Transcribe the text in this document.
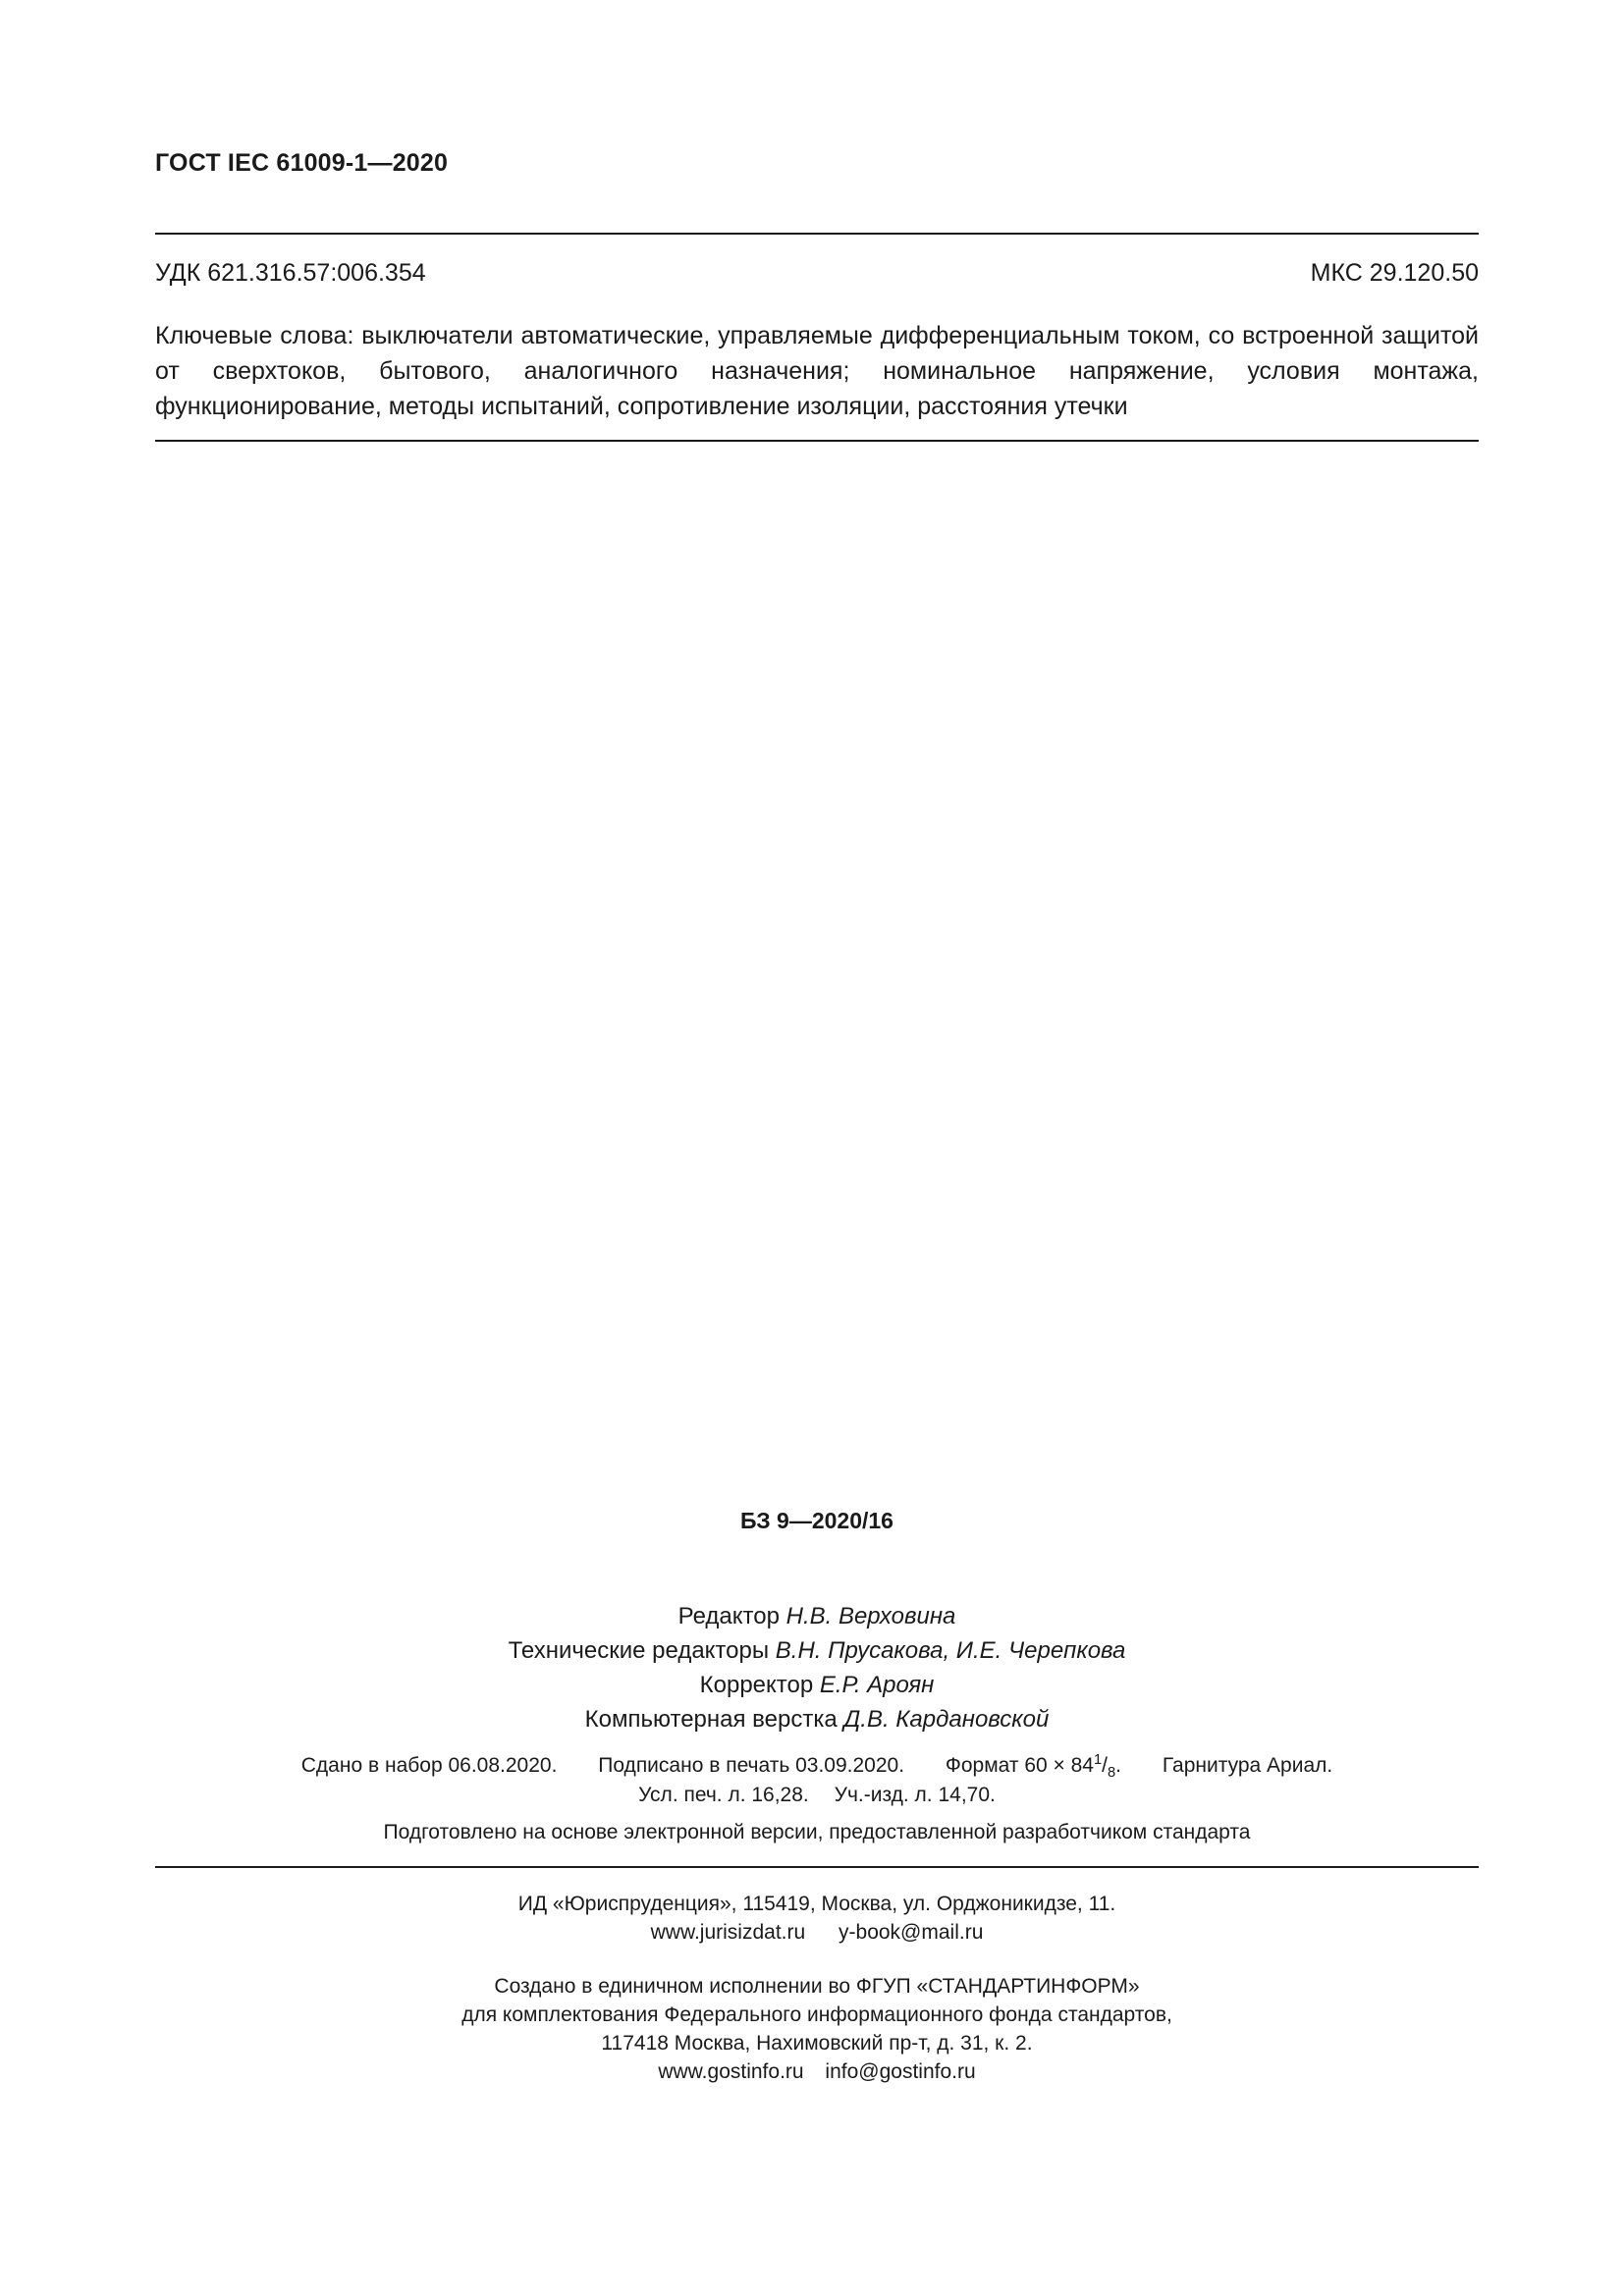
ГОСТ IEC 61009-1—2020
УДК 621.316.57:006.354	МКС 29.120.50
Ключевые слова: выключатели автоматические, управляемые дифференциальным током, со встроенной защитой от сверхтоков, бытового, аналогичного назначения; номинальное напряжение, условия монтажа, функционирование, методы испытаний, сопротивление изоляции, расстояния утечки
БЗ 9—2020/16
Редактор Н.В. Верховина
Технические редакторы В.Н. Прусакова, И.Е. Черепкова
Корректор Е.Р. Ароян
Компьютерная верстка Д.В. Кардановской
Сдано в набор 06.08.2020. Подписано в печать 03.09.2020. Формат $60 \times 84^1/_8$. Гарнитура Ариал.
Усл. печ. л. 16,28. Уч.-изд. л. 14,70.
Подготовлено на основе электронной версии, предоставленной разработчиком стандарта
ИД «Юриспруденция», 115419, Москва, ул. Орджоникидзе, 11.
www.jurisizdat.ru y-book@mail.ru
Создано в единичном исполнении во ФГУП «СТАНДАРТИНФОРМ»
для комплектования Федерального информационного фонда стандартов,
117418 Москва, Нахимовский пр-т, д. 31, к. 2.
www.gostinfo.ru info@gostinfo.ru
